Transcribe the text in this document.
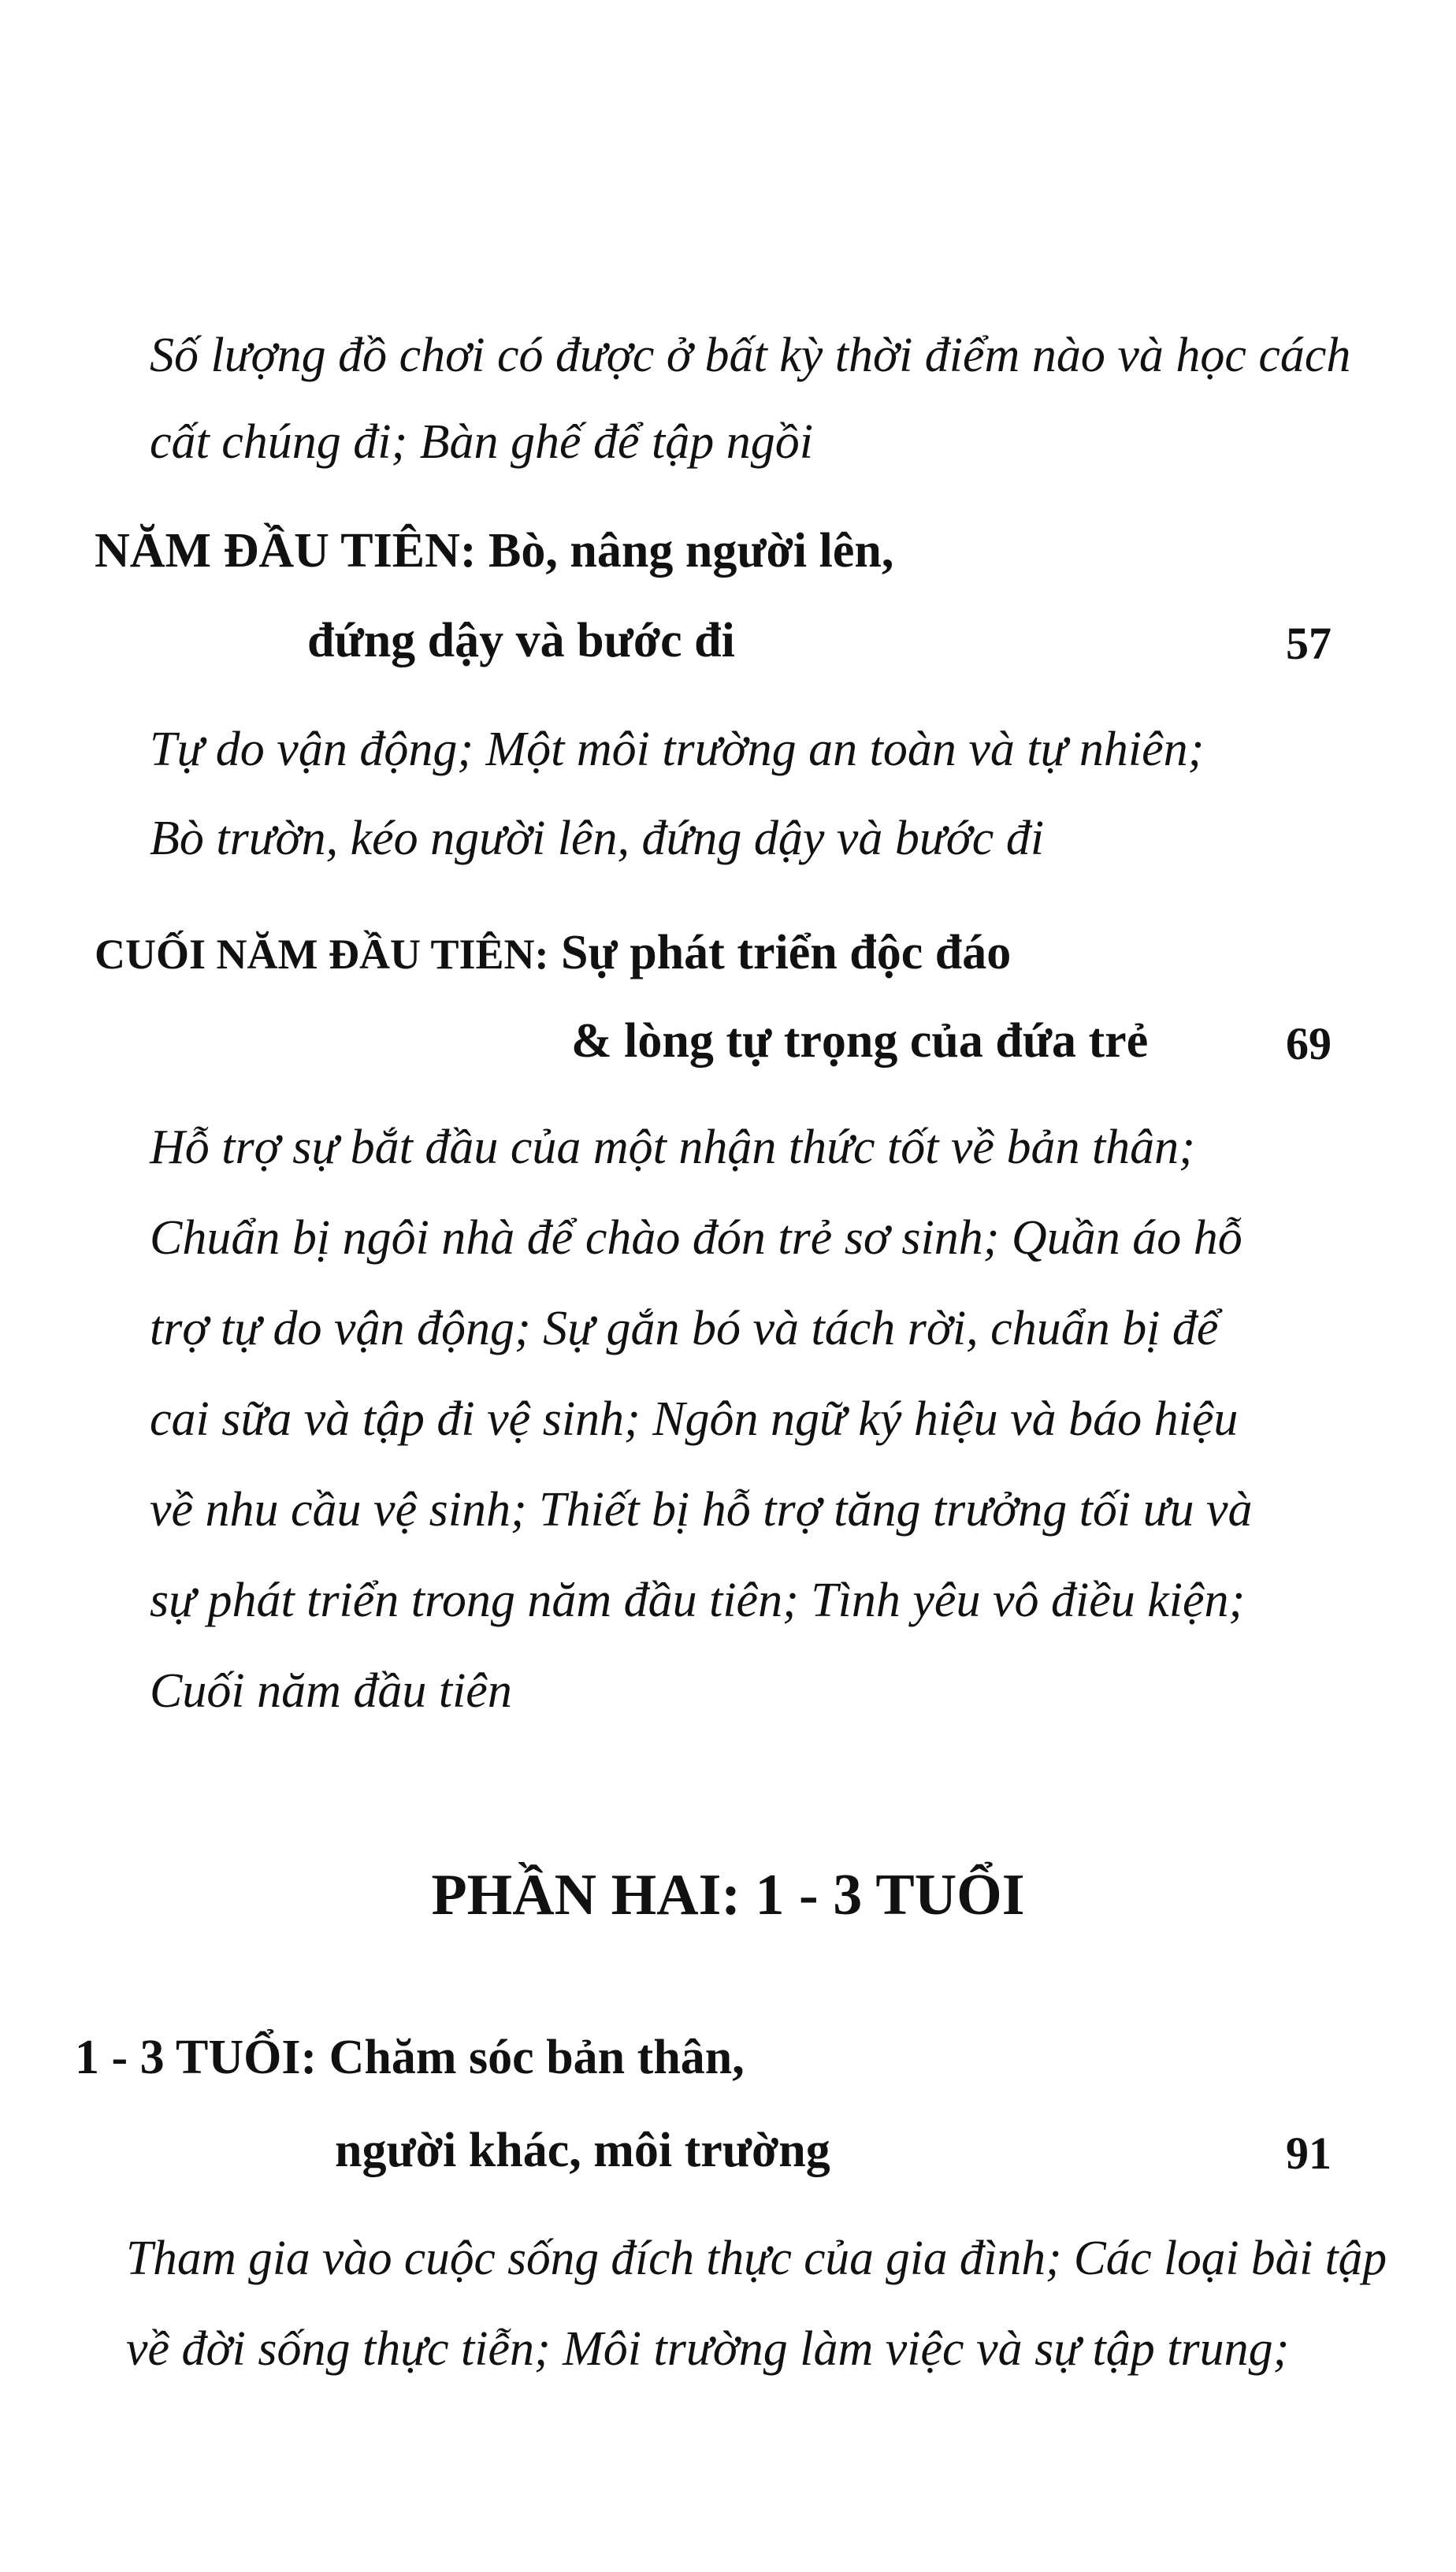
Số lượng đồ chơi có được ở bất kỳ thời điểm nào và học cách
cất chúng đi; Bàn ghế để tập ngồi
NĂM ĐẦU TIÊN: Bò, nâng người lên,
đứng dậy và bước đi	57
Tự do vận động; Một môi trường an toàn và tự nhiên;
Bò trườn, kéo người lên, đứng dậy và bước đi
CUỐI NĂM ĐẦU TIÊN: Sự phát triển độc đáo
& lòng tự trọng của đứa trẻ	69
Hỗ trợ sự bắt đầu của một nhận thức tốt về bản thân;
Chuẩn bị ngôi nhà để chào đón trẻ sơ sinh; Quần áo hỗ
trợ tự do vận động; Sự gắn bó và tách rời, chuẩn bị để
cai sữa và tập đi vệ sinh; Ngôn ngữ ký hiệu và báo hiệu
về nhu cầu vệ sinh; Thiết bị hỗ trợ tăng trưởng tối ưu và
sự phát triển trong năm đầu tiên; Tình yêu vô điều kiện;
Cuối năm đầu tiên
PHẦN HAI: 1 - 3 TUỔI
1 - 3 TUỔI: Chăm sóc bản thân,
người khác, môi trường	91
Tham gia vào cuộc sống đích thực của gia đình; Các loại bài tập
về đời sống thực tiễn; Môi trường làm việc và sự tập trung;
